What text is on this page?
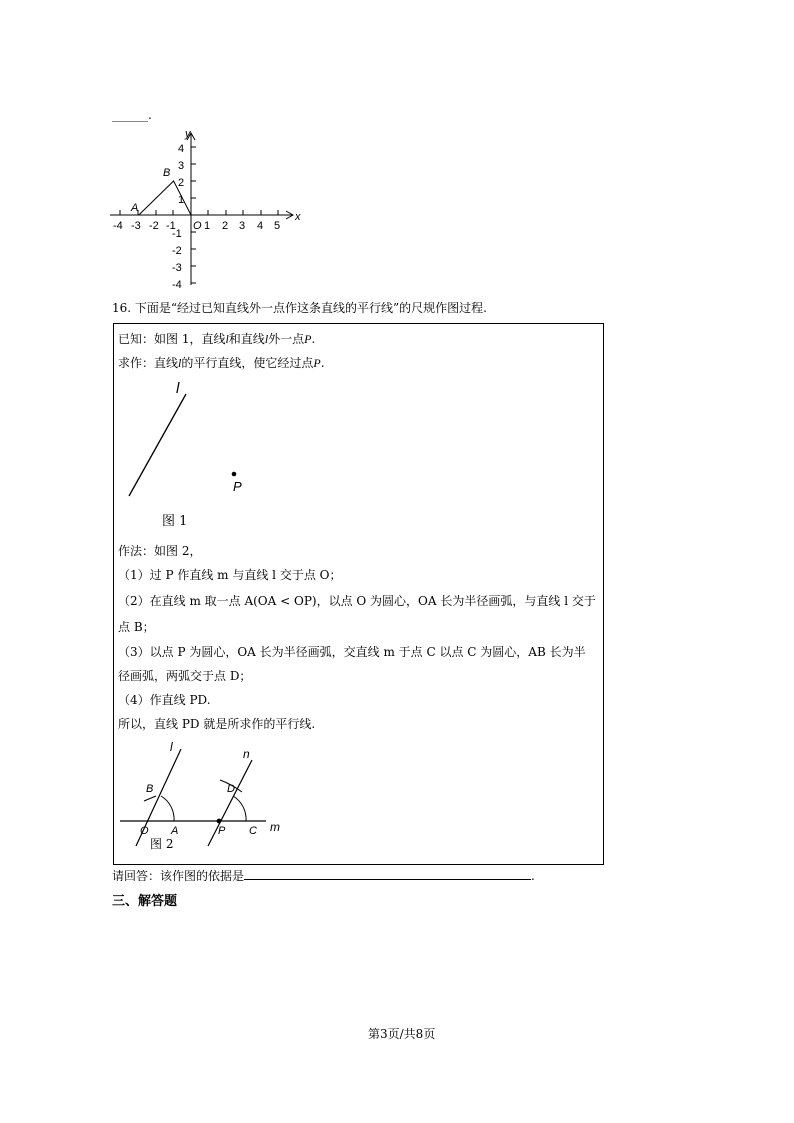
______.
y
x
4
3
2
1
-1
-2
-3
-4
-4 -3 -2 -1 O 1 2 3 4 5
A
B
16. 下面是“经过已知直线外一点作这条直线的平行线”的尺规作图过程.
已知：如图 1，直线l和直线l外一点P.
求作：直线l的平行直线，使它经过点P.
l
P
图 1
作法：如图 2，
（1）过 P 作直线 m 与直线 l 交于点 O；
（2）在直线 m 取一点 A(OA < OP)，以点 O 为圆心，OA 长为半径画弧，与直线 l 交于
点 B；
（3）以点 P 为圆心，OA 长为半径画弧，交直线 m 于点 C 以点 C 为圆心，AB 长为半
径画弧，两弧交于点 D；
（4）作直线 PD.
所以，直线 PD 就是所求作的平行线.
l	n
m
B	D
O A	P C
图 2
请回答：该作图的依据是	.
三、解答题
第3页/共8页
